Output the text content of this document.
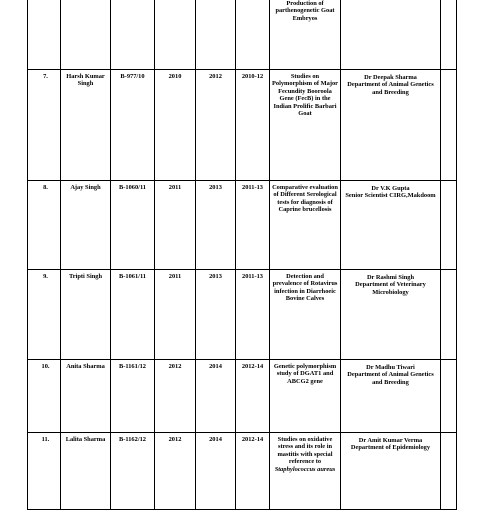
						Production of parthenogenetic Goat Embryos		

7.	Harsh Kumar Singh	B-977/10	2010	2012	2010-12	Studies on Polymorphism of Major Fecundity Booroola Gene (FecB) in the Indian Prolific Barbari Goat	Dr Deepak Sharma
Department of Animal Genetics and Breeding	

8.	Ajay Singh	B-1060/11	2011	2013	2011-13	Comparative evaluation of Different Serological tests for diagnosis of Caprine brucellosis	Dr V.K Gupta
Senior Scientist CIRG,Makdoom	

9.	Tripti Singh	B-1061/11	2011	2013	2011-13	Detection and prevalence of Rotavirus infection in Diarrhoeic Bovine Calves	Dr Rashmi Singh
Department of Veterinary Microbiology	

10.	Anita Sharma	B-1161/12	2012	2014	2012-14	Genetic polymorphism study of DGAT1 and ABCG2 gene	Dr Madhu Tiwari
Department of Animal Genetics and Breeding	

11.	Lalita Sharma	B-1162/12	2012	2014	2012-14	Studies on oxidative stress and its role in mastitis with special reference to Staphylococcus aureus	Dr Amit Kumar Verma
Department of Epidemiology	
